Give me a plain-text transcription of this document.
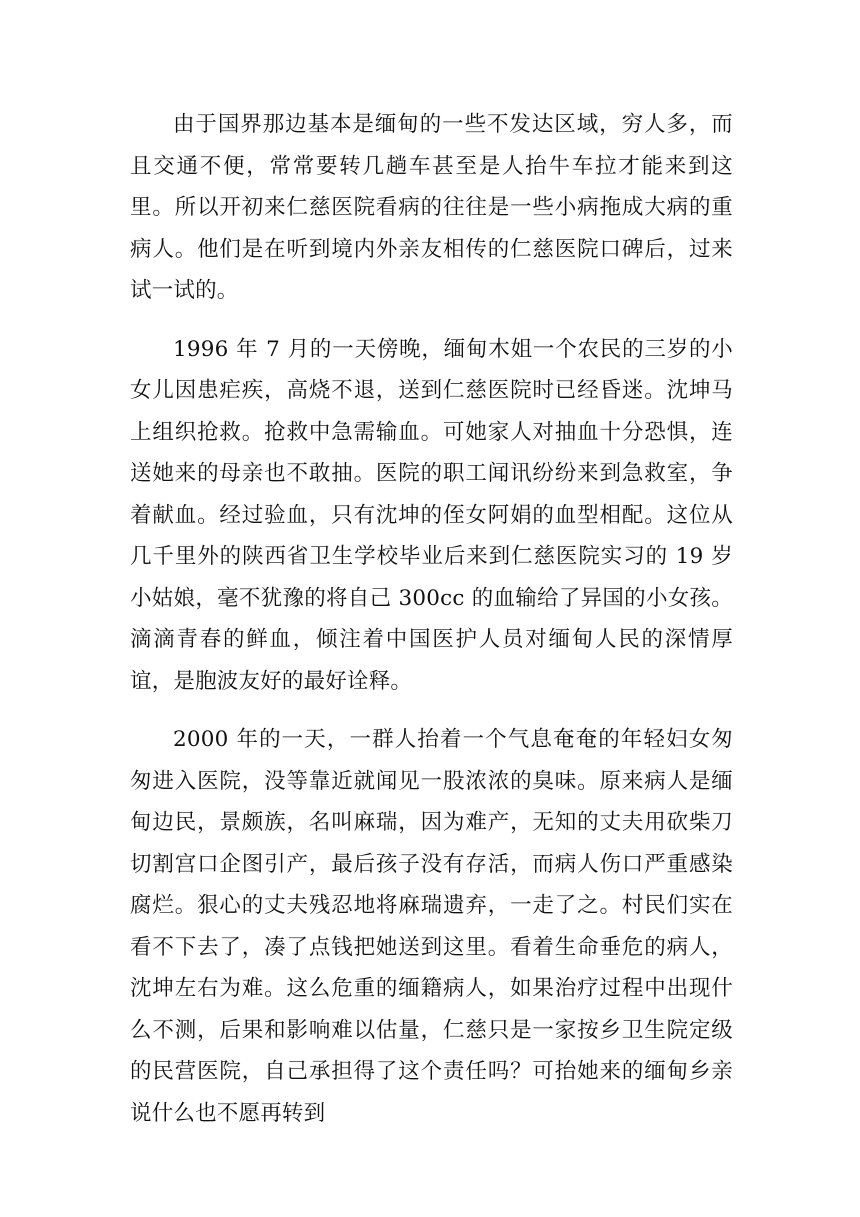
由于国界那边基本是缅甸的一些不发达区域，穷人多，而且交通不便，常常要转几趟车甚至是人抬牛车拉才能来到这里。所以开初来仁慈医院看病的往往是一些小病拖成大病的重病人。他们是在听到境内外亲友相传的仁慈医院口碑后，过来试一试的。

1996 年 7 月的一天傍晚，缅甸木姐一个农民的三岁的小女儿因患疟疾，高烧不退，送到仁慈医院时已经昏迷。沈坤马上组织抢救。抢救中急需输血。可她家人对抽血十分恐惧，连送她来的母亲也不敢抽。医院的职工闻讯纷纷来到急救室，争着献血。经过验血，只有沈坤的侄女阿娟的血型相配。这位从几千里外的陕西省卫生学校毕业后来到仁慈医院实习的 19 岁小姑娘，毫不犹豫的将自己 300cc 的血输给了异国的小女孩。滴滴青春的鲜血，倾注着中国医护人员对缅甸人民的深情厚谊，是胞波友好的最好诠释。

2000 年的一天，一群人抬着一个气息奄奄的年轻妇女匆匆进入医院，没等靠近就闻见一股浓浓的臭味。原来病人是缅甸边民，景颇族，名叫麻瑞，因为难产，无知的丈夫用砍柴刀切割宫口企图引产，最后孩子没有存活，而病人伤口严重感染腐烂。狠心的丈夫残忍地将麻瑞遗弃，一走了之。村民们实在看不下去了，凑了点钱把她送到这里。看着生命垂危的病人，沈坤左右为难。这么危重的缅籍病人，如果治疗过程中出现什么不测，后果和影响难以估量，仁慈只是一家按乡卫生院定级的民营医院，自己承担得了这个责任吗？可抬她来的缅甸乡亲说什么也不愿再转到
